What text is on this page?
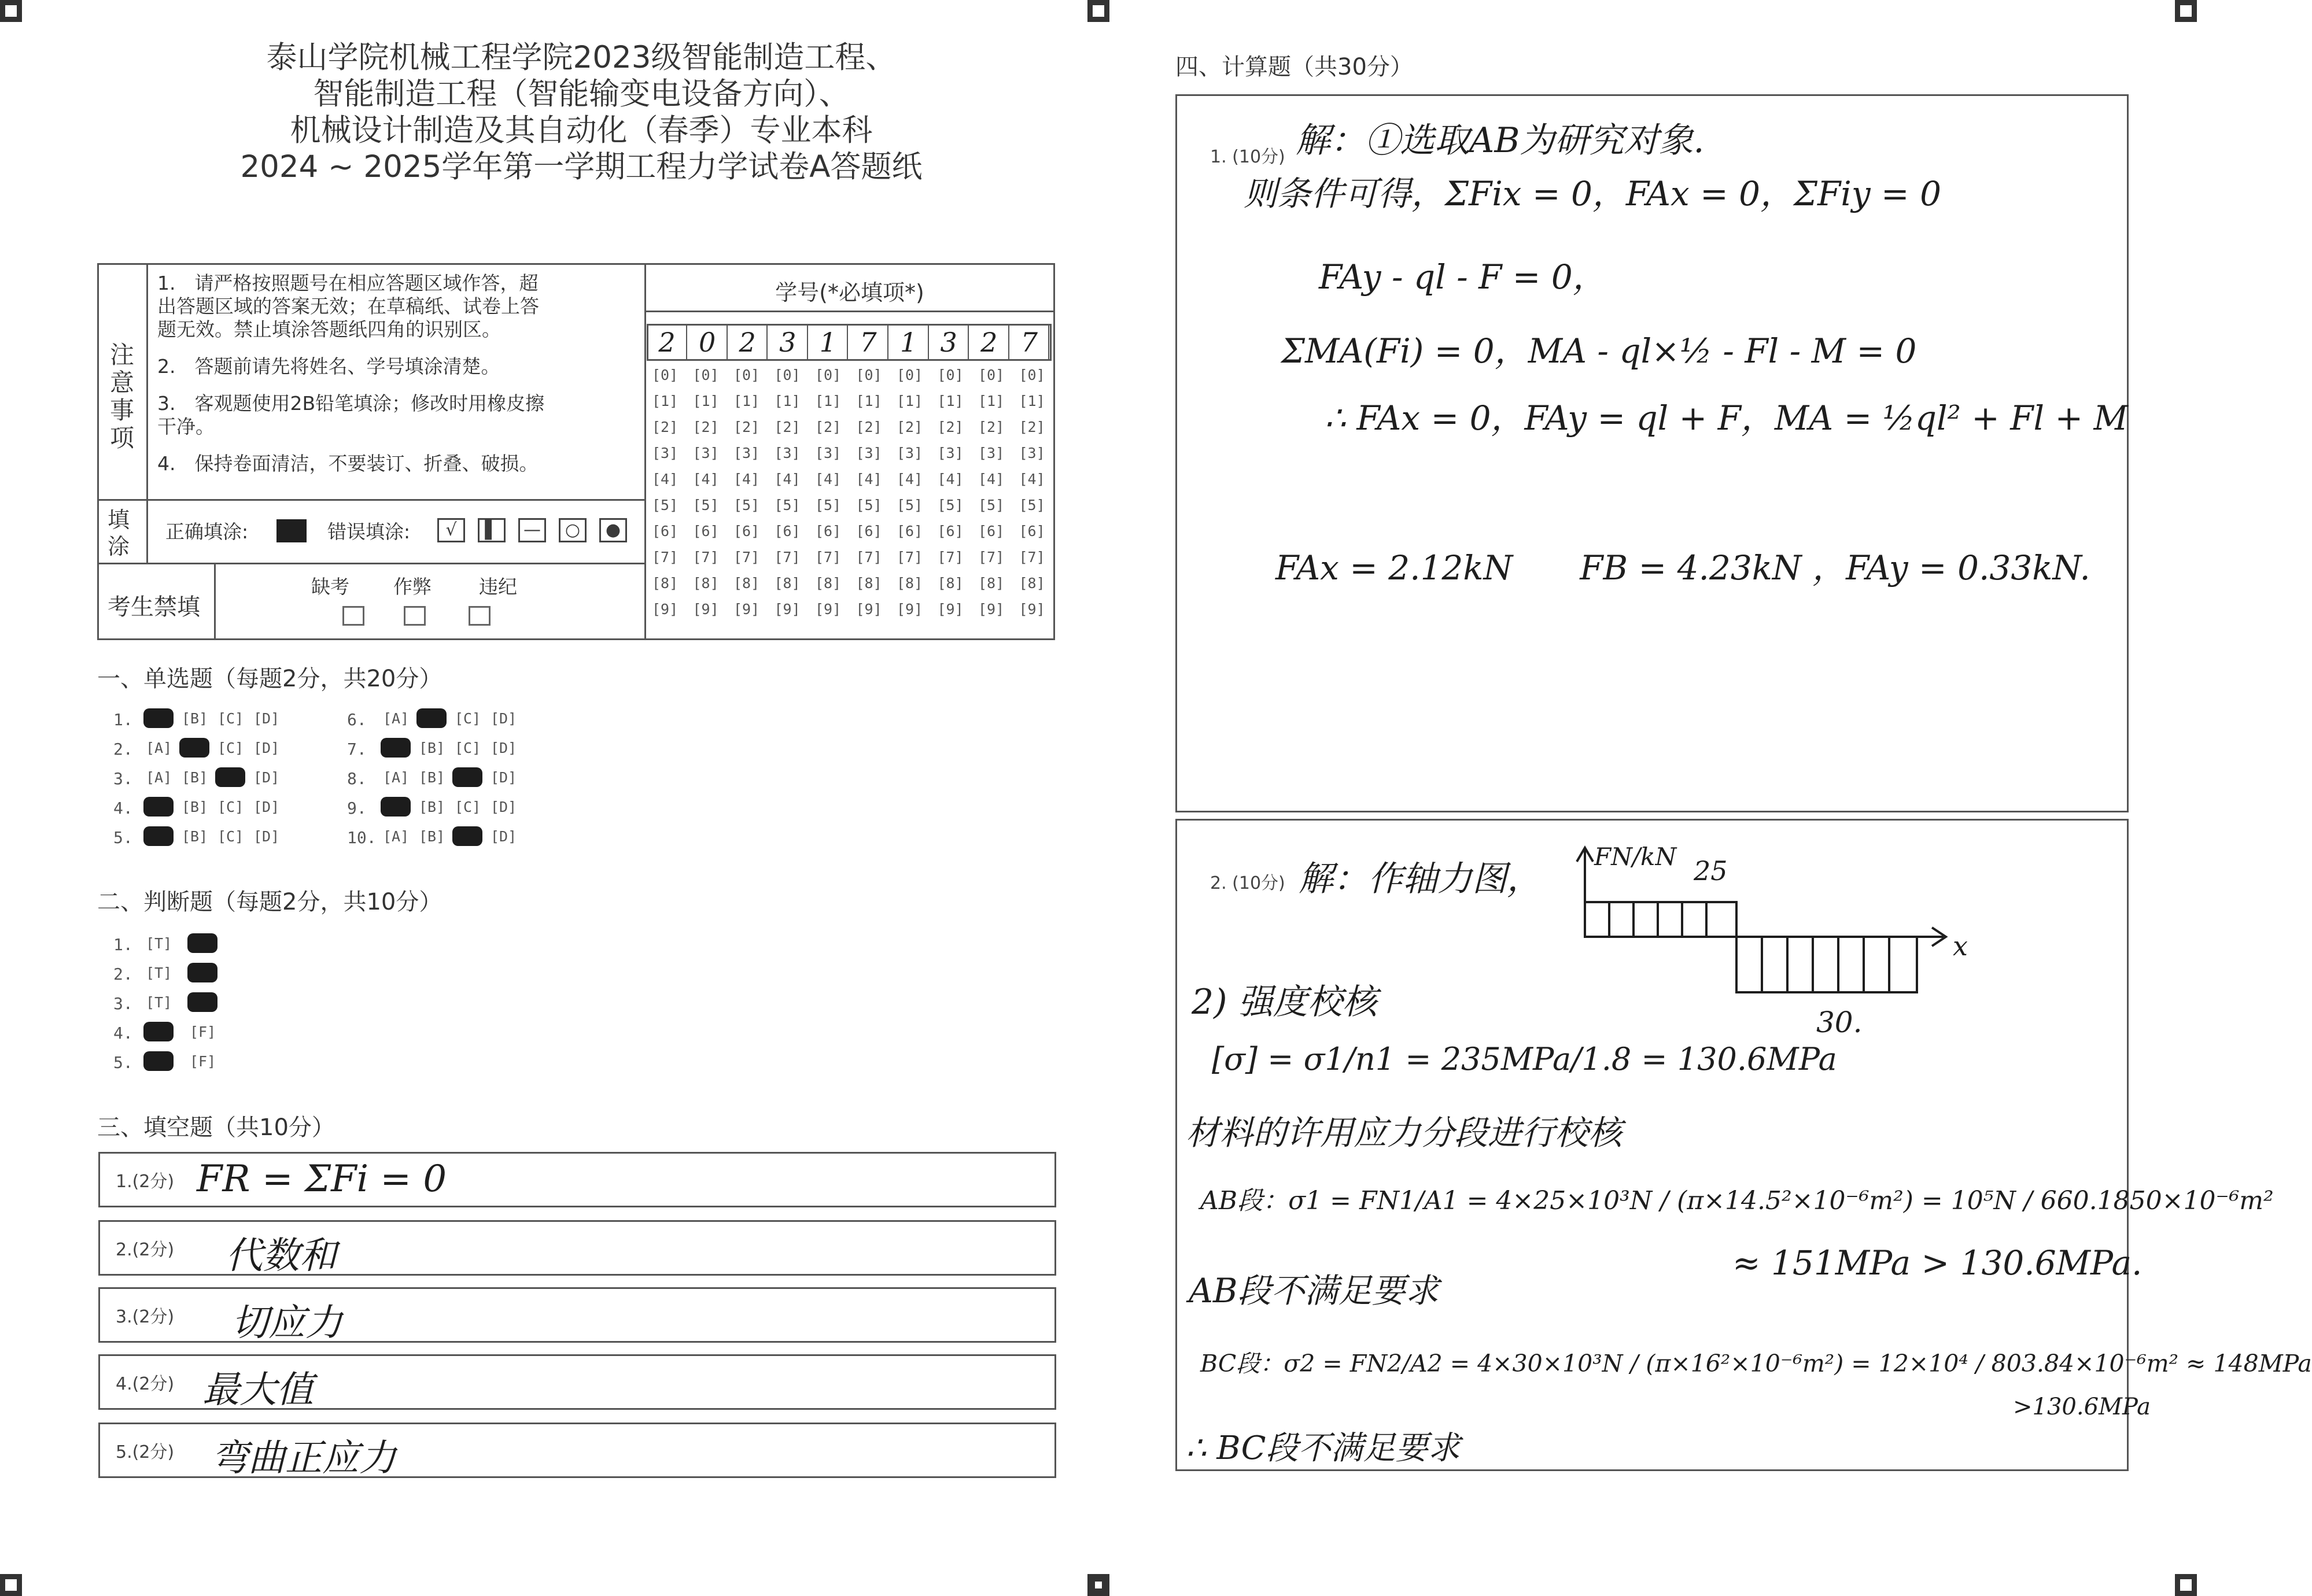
泰山学院机械工程学院2023级智能制造工程、
智能制造工程（智能输变电设备方向）、
机械设计制造及其自动化（春季）专业本科
2024 ~ 2025学年第一学期工程力学试卷A答题纸
注意事项
1.　请严格按照题号在相应答题区域作答，超
出答题区域的答案无效；在草稿纸、试卷上答
题无效。禁止填涂答题纸四角的识别区。
2.　答题前请先将姓名、学号填涂清楚。
3.　客观题使用2B铅笔填涂；修改时用橡皮擦
干净。
4.　保持卷面清洁，不要装订、折叠、破损。
填涂
正确填涂:	错误填涂:	√	▌	—	○	●
考生禁填
缺考 作弊 违纪
学号(*必填项*)
2 0 2 3 1 7 1 3 2 7
[0] [0] [0] [0] [0] [0] [0] [0] [0] [0]
[1] [1] [1] [1] [1] [1] [1] [1] [1] [1]
[2] [2] [2] [2] [2] [2] [2] [2] [2] [2]
[3] [3] [3] [3] [3] [3] [3] [3] [3] [3]
[4] [4] [4] [4] [4] [4] [4] [4] [4] [4]
[5] [5] [5] [5] [5] [5] [5] [5] [5] [5]
[6] [6] [6] [6] [6] [6] [6] [6] [6] [6]
[7] [7] [7] [7] [7] [7] [7] [7] [7] [7]
[8] [8] [8] [8] [8] [8] [8] [8] [8] [8]
[9] [9] [9] [9] [9] [9] [9] [9] [9] [9]
一、单选题（每题2分，共20分）
1.	[B] [C] [D]
2. [A]	[C] [D]
3. [A] [B]	[D]
4.	[B] [C] [D]
5.	[B] [C] [D]
6. [A]	[C] [D]
7.	[B] [C] [D]
8. [A] [B]	[D]
9.	[B] [C] [D]
10. [A] [B]	[D]
二、判断题（每题2分，共10分）
1. [T]
2. [T]
3. [T]
4.	[F]
5.	[F]
三、填空题（共10分）
1.(2分) FR = ΣFi = 0
2.(2分) 代数和
3.(2分) 切应力
4.(2分) 最大值
5.(2分) 弯曲正应力
四、计算题（共30分）
1. (10分) 解：①选取AB为研究对象.
则条件可得，ΣFix = 0，FAx = 0，ΣFiy = 0
FAy - ql - F = 0，
ΣMA(Fi) = 0，MA - ql×½ - Fl - M = 0
∴ FAx = 0，FAy = ql + F，MA = ½ql² + Fl + M
FAx = 2.12kN　　FB = 4.23kN ，FAy = 0.33kN.
2. (10分) 解：作轴力图，
FN/kN
x
25
30.
2) 强度校核
[σ] = σ1/n1 = 235MPa/1.8 = 130.6MPa
材料的许用应力分段进行校核
AB段：σ1 = FN1/A1 = 4×25×10³N / (π×14.5²×10⁻⁶m²) = 10⁵N / 660.1850×10⁻⁶m²
≈ 151MPa > 130.6MPa.
AB段不满足要求
BC段：σ2 = FN2/A2 = 4×30×10³N / (π×16²×10⁻⁶m²) = 12×10⁴ / 803.84×10⁻⁶m² ≈ 148MPa
>130.6MPa
∴ BC段不满足要求
